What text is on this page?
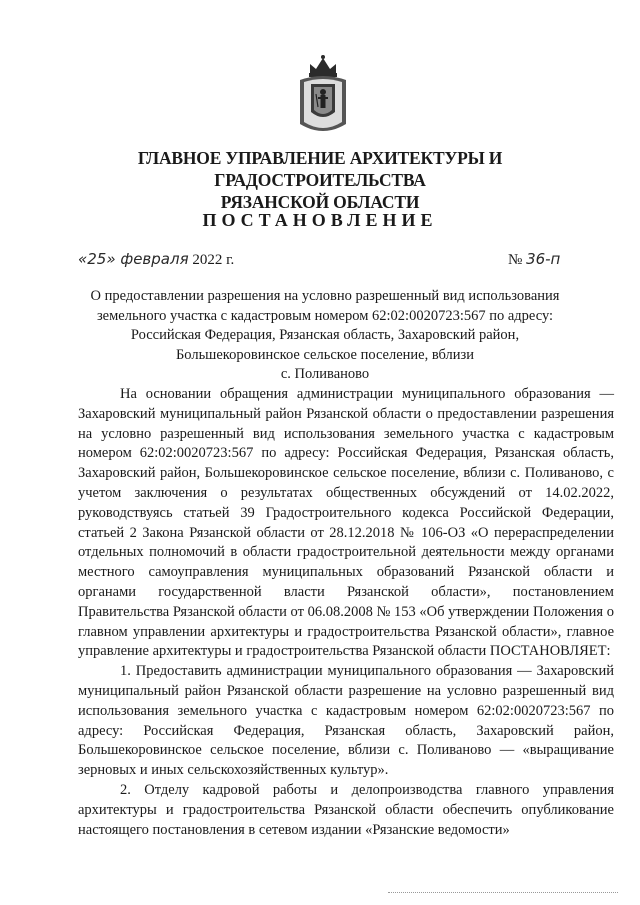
ГЛАВНОЕ УПРАВЛЕНИЕ АРХИТЕКТУРЫ И ГРАДОСТРОИТЕЛЬСТВА
РЯЗАНСКОЙ ОБЛАСТИ
ПОСТАНОВЛЕНИЕ
«25» февраля 2022 г.	№ 36-п
О предоставлении разрешения на условно разрешенный вид использования
земельного участка с кадастровым номером 62:02:0020723:567 по адресу:
Российская Федерация, Рязанская область, Захаровский район,
Большекоровинское сельское поселение, вблизи
с. Поливаново

На основании обращения администрации муниципального образования — Захаровский муниципальный район Рязанской области о предоставлении разрешения на условно разрешенный вид использования земельного участка с кадастровым номером 62:02:0020723:567 по адресу: Российская Федерация, Рязанская область, Захаровский район, Большекоровинское сельское поселение, вблизи с. Поливаново, с учетом заключения о результатах общественных обсуждений от 14.02.2022, руководствуясь статьей 39 Градостроительного кодекса Российской Федерации, статьей 2 Закона Рязанской области от 28.12.2018 № 106-ОЗ «О перераспределении отдельных полномочий в области градостроительной деятельности между органами местного самоуправления муниципальных образований Рязанской области и органами государственной власти Рязанской области», постановлением Правительства Рязанской области от 06.08.2008 № 153 «Об утверждении Положения о главном управлении архитектуры и градостроительства Рязанской области», главное управление архитектуры и градостроительства Рязанской области ПОСТАНОВЛЯЕТ:

1. Предоставить администрации муниципального образования — Захаровский муниципальный район Рязанской области разрешение на условно разрешенный вид использования земельного участка с кадастровым номером 62:02:0020723:567 по адресу: Российская Федерация, Рязанская область, Захаровский район, Большекоровинское сельское поселение, вблизи с. Поливаново — «выращивание зерновых и иных сельскохозяйственных культур».

2. Отделу кадровой работы и делопроизводства главного управления архитектуры и градостроительства Рязанской области обеспечить опубликование настоящего постановления в сетевом издании «Рязанские ведомости»
